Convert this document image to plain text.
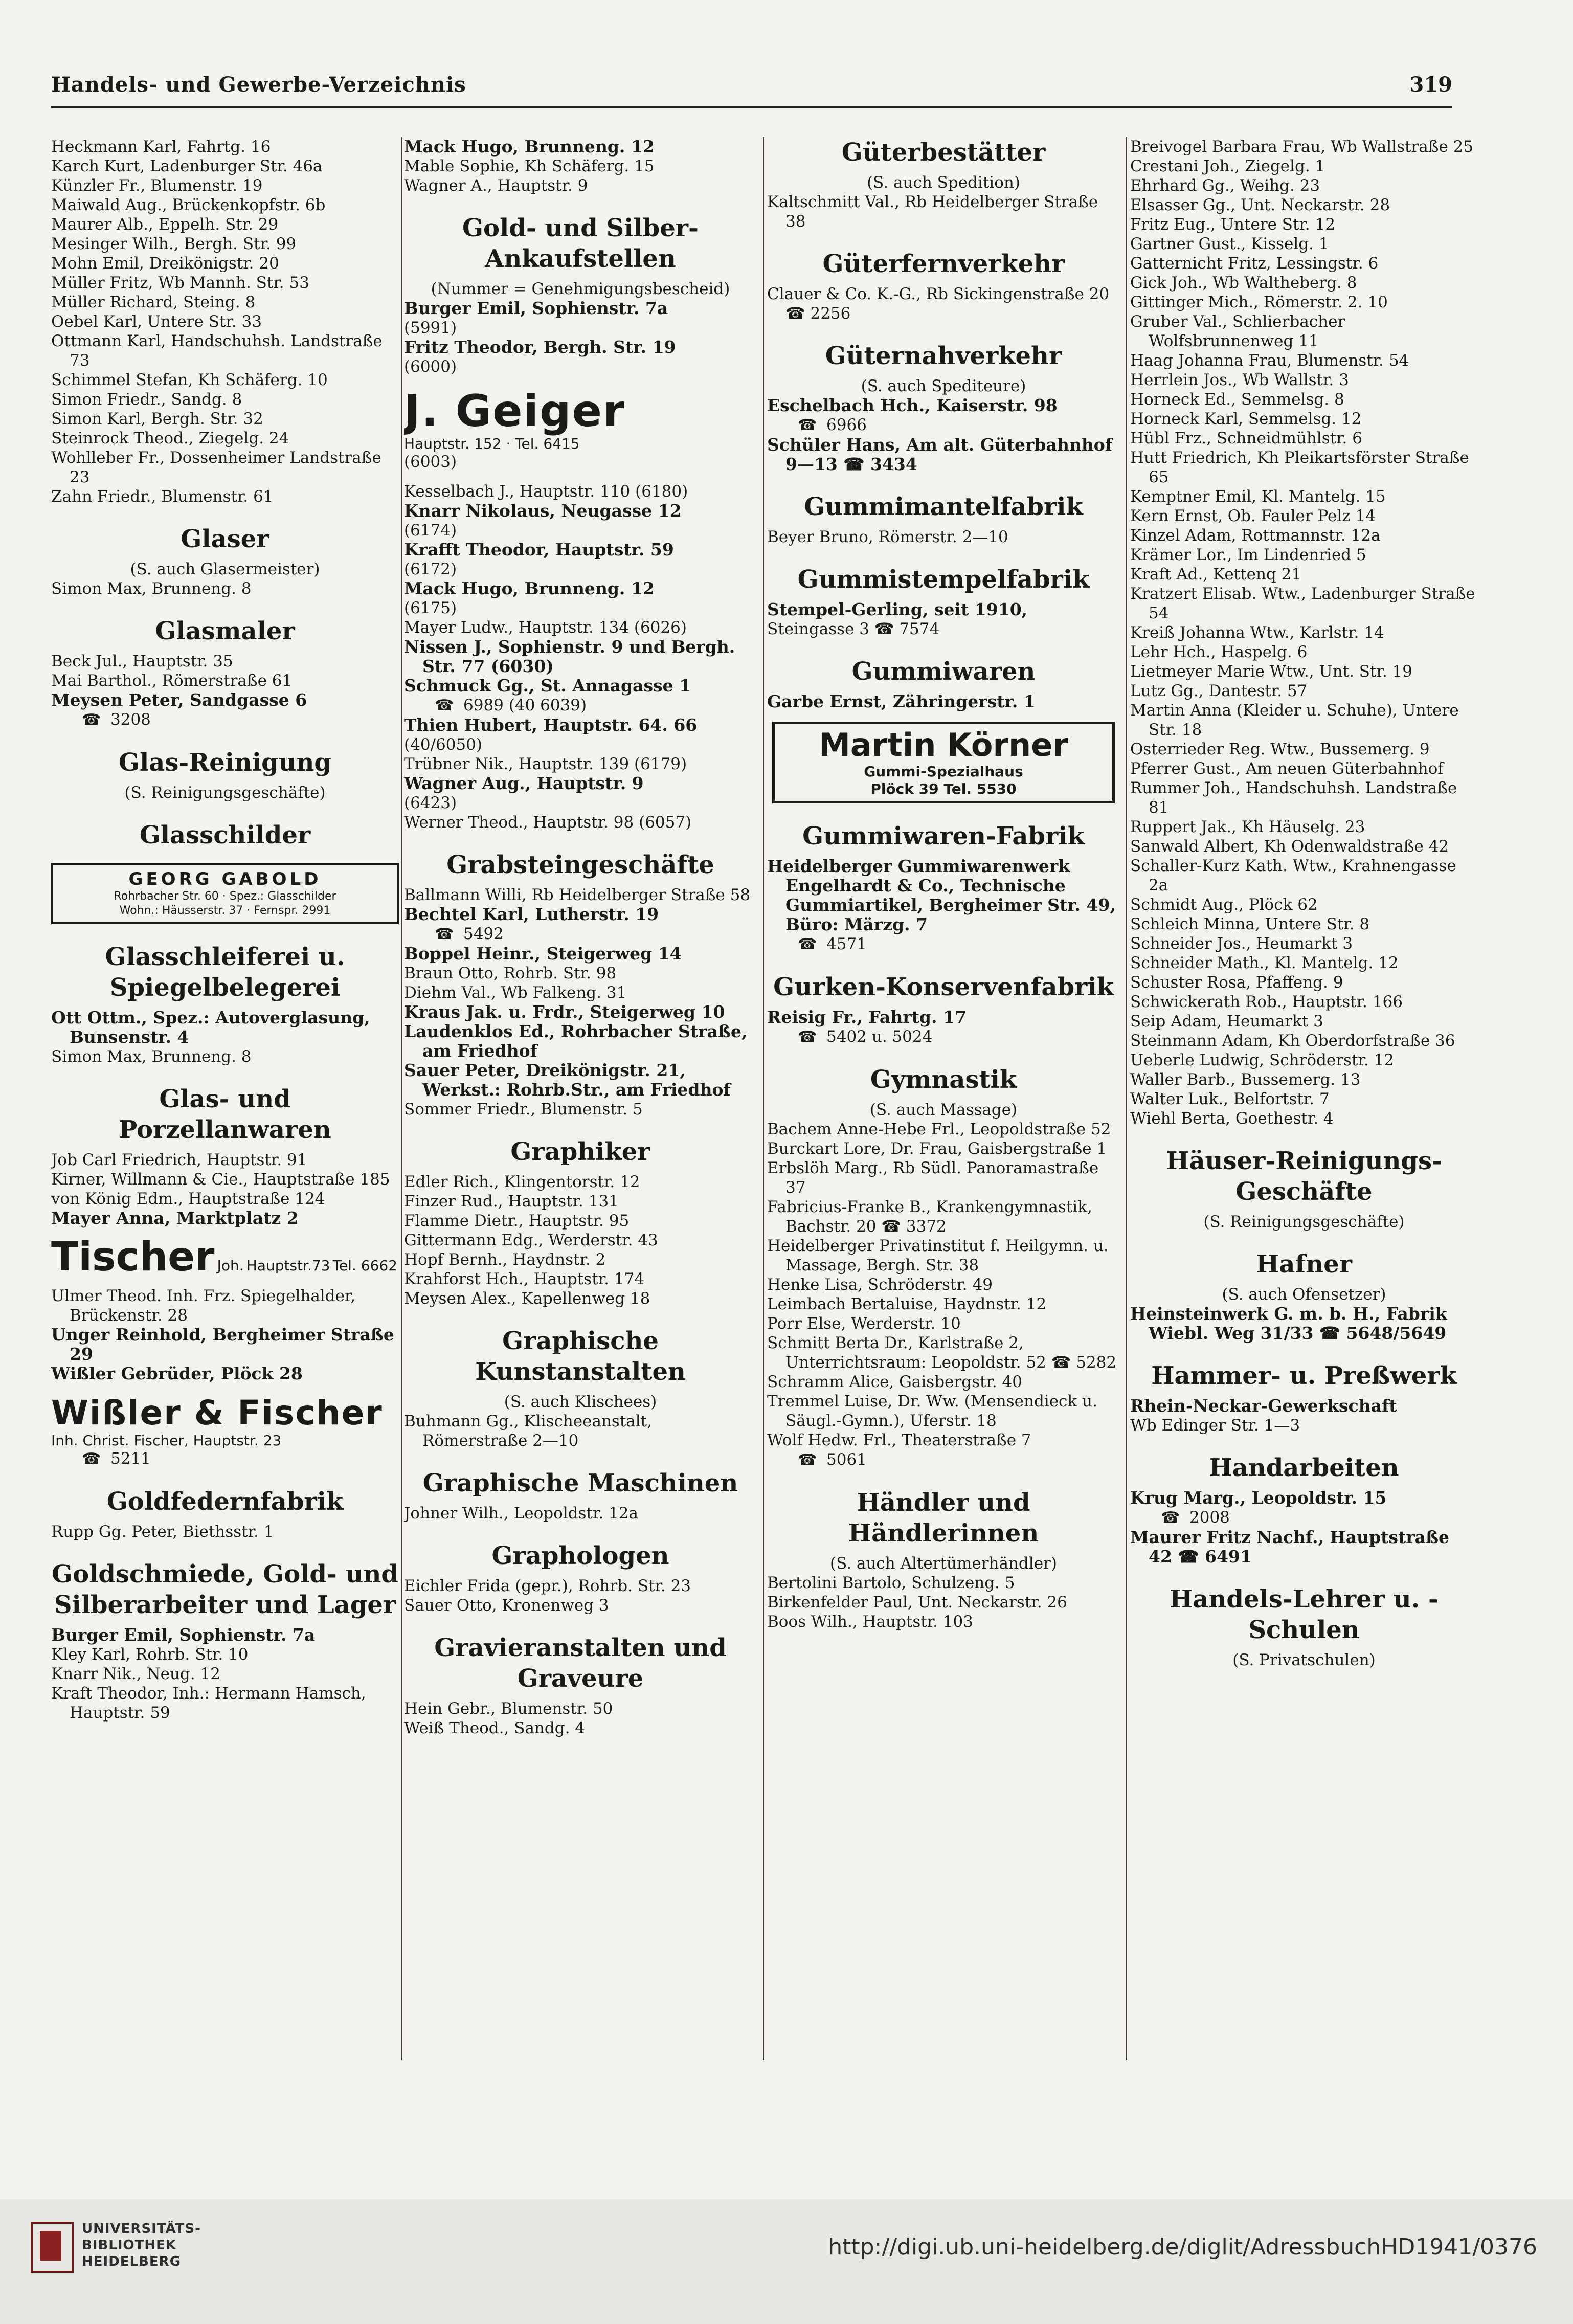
Handels- und Gewerbe-Verzeichnis	319

Heckmann Karl, Fahrtg. 16

Karch Kurt, Ladenburger Str. 46a

Künzler Fr., Blumenstr. 19

Maiwald Aug., Brückenkopfstr. 6b

Maurer Alb., Eppelh. Str. 29

Mesinger Wilh., Bergh. Str. 99

Mohn Emil, Dreikönigstr. 20

Müller Fritz, Wb Mannh. Str. 53

Müller Richard, Steing. 8

Oebel Karl, Untere Str. 33

Ottmann Karl, Handschuhsh. Landstraße 73

Schimmel Stefan, Kh Schäferg. 10

Simon Friedr., Sandg. 8

Simon Karl, Bergh. Str. 32

Steinrock Theod., Ziegelg. 24

Wohlleber Fr., Dossenheimer Landstraße 23

Zahn Friedr., Blumenstr. 61

Glaser

(S. auch Glasermeister)

Simon Max, Brunneng. 8

Glasmaler

Beck Jul., Hauptstr. 35

Mai Barthol., Römerstraße 61

Meysen Peter, Sandgasse 6

☎ 3208

Glas-Reinigung

(S. Reinigungsgeschäfte)

Glasschilder
GEORG GABOLD
Rohrbacher Str. 60 · Spez.: Glasschilder
Wohn.: Häusserstr. 37 · Fernspr. 2991
Glasschleiferei u. Spiegelbelegerei

Ott Ottm., Spez.: Autoverglasung, Bunsenstr. 4

Simon Max, Brunneng. 8

Glas- und Porzellanwaren

Job Carl Friedrich, Hauptstr. 91

Kirner, Willmann & Cie., Hauptstraße 185

von König Edm., Hauptstraße 124

Mayer Anna, Marktplatz 2

Tischer Joh. Hauptstr.73 Tel. 6662

Ulmer Theod. Inh. Frz. Spiegelhalder, Brückenstr. 28

Unger Reinhold, Bergheimer Straße 29

Wißler Gebrüder, Plöck 28

Wißler & Fischer
Inh. Christ. Fischer, Hauptstr. 23

☎ 5211

Goldfedernfabrik

Rupp Gg. Peter, Biethsstr. 1

Goldschmiede, Gold- und Silberarbeiter und Lager

Burger Emil, Sophienstr. 7a

Kley Karl, Rohrb. Str. 10

Knarr Nik., Neug. 12

Kraft Theodor, Inh.: Hermann Hamsch, Hauptstr. 59

Mack Hugo, Brunneng. 12

Mable Sophie, Kh Schäferg. 15

Wagner A., Hauptstr. 9

Gold- und Silber-Ankaufstellen

(Nummer = Genehmigungsbescheid)

Burger Emil, Sophienstr. 7a

(5991)

Fritz Theodor, Bergh. Str. 19

(6000)

J. Geiger
Hauptstr. 152 · Tel. 6415

(6003)

Kesselbach J., Hauptstr. 110 (6180)

Knarr Nikolaus, Neugasse 12

(6174)

Krafft Theodor, Hauptstr. 59

(6172)

Mack Hugo, Brunneng. 12

(6175)

Mayer Ludw., Hauptstr. 134 (6026)

Nissen J., Sophienstr. 9 und Bergh. Str. 77 (6030)

Schmuck Gg., St. Annagasse 1

☎ 6989 (40 6039)

Thien Hubert, Hauptstr. 64. 66

(40/6050)

Trübner Nik., Hauptstr. 139 (6179)

Wagner Aug., Hauptstr. 9

(6423)

Werner Theod., Hauptstr. 98 (6057)

Grabsteingeschäfte

Ballmann Willi, Rb Heidelberger Straße 58

Bechtel Karl, Lutherstr. 19

☎ 5492

Boppel Heinr., Steigerweg 14

Braun Otto, Rohrb. Str. 98

Diehm Val., Wb Falkeng. 31

Kraus Jak. u. Frdr., Steigerweg 10

Laudenklos Ed., Rohrbacher Straße, am Friedhof

Sauer Peter, Dreikönigstr. 21, Werkst.: Rohrb.Str., am Friedhof

Sommer Friedr., Blumenstr. 5

Graphiker

Edler Rich., Klingentorstr. 12

Finzer Rud., Hauptstr. 131

Flamme Dietr., Hauptstr. 95

Gittermann Edg., Werderstr. 43

Hopf Bernh., Haydnstr. 2

Krahforst Hch., Hauptstr. 174

Meysen Alex., Kapellenweg 18

Graphische Kunstanstalten

(S. auch Klischees)

Buhmann Gg., Klischeeanstalt, Römerstraße 2—10

Graphische Maschinen

Johner Wilh., Leopoldstr. 12a

Graphologen

Eichler Frida (gepr.), Rohrb. Str. 23

Sauer Otto, Kronenweg 3

Gravieranstalten und Graveure

Hein Gebr., Blumenstr. 50

Weiß Theod., Sandg. 4

Güterbestätter

(S. auch Spedition)

Kaltschmitt Val., Rb Heidelberger Straße 38

Güterfernverkehr

Clauer & Co. K.-G., Rb Sickingenstraße 20 ☎ 2256

Güternahverkehr

(S. auch Spediteure)

Eschelbach Hch., Kaiserstr. 98

☎ 6966

Schüler Hans, Am alt. Güterbahnhof 9—13 ☎ 3434

Gummimantelfabrik

Beyer Bruno, Römerstr. 2—10

Gummistempelfabrik

Stempel-Gerling, seit 1910,

Steingasse 3 ☎ 7574

Gummiwaren

Garbe Ernst, Zähringerstr. 1

Martin Körner
Gummi-Spezialhaus
Plöck 39 Tel. 5530
Gummiwaren-Fabrik

Heidelberger Gummiwarenwerk Engelhardt & Co., Technische Gummiartikel, Bergheimer Str. 49, Büro: Märzg. 7

☎ 4571

Gurken-Konservenfabrik

Reisig Fr., Fahrtg. 17

☎ 5402 u. 5024

Gymnastik

(S. auch Massage)

Bachem Anne-Hebe Frl., Leopoldstraße 52

Burckart Lore, Dr. Frau, Gaisbergstraße 1

Erbslöh Marg., Rb Südl. Panoramastraße 37

Fabricius-Franke B., Krankengymnastik, Bachstr. 20 ☎ 3372

Heidelberger Privatinstitut f. Heilgymn. u. Massage, Bergh. Str. 38

Henke Lisa, Schröderstr. 49

Leimbach Bertaluise, Haydnstr. 12

Porr Else, Werderstr. 10

Schmitt Berta Dr., Karlstraße 2, Unterrichtsraum: Leopoldstr. 52 ☎ 5282

Schramm Alice, Gaisbergstr. 40

Tremmel Luise, Dr. Ww. (Mensendieck u. Säugl.-Gymn.), Uferstr. 18

Wolf Hedw. Frl., Theaterstraße 7

☎ 5061

Händler und Händlerinnen

(S. auch Altertümerhändler)

Bertolini Bartolo, Schulzeng. 5

Birkenfelder Paul, Unt. Neckarstr. 26

Boos Wilh., Hauptstr. 103

Breivogel Barbara Frau, Wb Wallstraße 25

Crestani Joh., Ziegelg. 1

Ehrhard Gg., Weihg. 23

Elsasser Gg., Unt. Neckarstr. 28

Fritz Eug., Untere Str. 12

Gartner Gust., Kisselg. 1

Gatternicht Fritz, Lessingstr. 6

Gick Joh., Wb Waltheberg. 8

Gittinger Mich., Römerstr. 2. 10

Gruber Val., Schlierbacher Wolfsbrunnenweg 11

Haag Johanna Frau, Blumenstr. 54

Herrlein Jos., Wb Wallstr. 3

Horneck Ed., Semmelsg. 8

Horneck Karl, Semmelsg. 12

Hübl Frz., Schneidmühlstr. 6

Hutt Friedrich, Kh Pleikartsförster Straße 65

Kemptner Emil, Kl. Mantelg. 15

Kern Ernst, Ob. Fauler Pelz 14

Kinzel Adam, Rottmannstr. 12a

Krämer Lor., Im Lindenried 5

Kraft Ad., Kettenq 21

Kratzert Elisab. Wtw., Ladenburger Straße 54

Kreiß Johanna Wtw., Karlstr. 14

Lehr Hch., Haspelg. 6

Lietmeyer Marie Wtw., Unt. Str. 19

Lutz Gg., Dantestr. 57

Martin Anna (Kleider u. Schuhe), Untere Str. 18

Osterrieder Reg. Wtw., Bussemerg. 9

Pferrer Gust., Am neuen Güterbahnhof

Rummer Joh., Handschuhsh. Landstraße 81

Ruppert Jak., Kh Häuselg. 23

Sanwald Albert, Kh Odenwaldstraße 42

Schaller-Kurz Kath. Wtw., Krahnengasse 2a

Schmidt Aug., Plöck 62

Schleich Minna, Untere Str. 8

Schneider Jos., Heumarkt 3

Schneider Math., Kl. Mantelg. 12

Schuster Rosa, Pfaffeng. 9

Schwickerath Rob., Hauptstr. 166

Seip Adam, Heumarkt 3

Steinmann Adam, Kh Oberdorfstraße 36

Ueberle Ludwig, Schröderstr. 12

Waller Barb., Bussemerg. 13

Walter Luk., Belfortstr. 7

Wiehl Berta, Goethestr. 4

Häuser-Reinigungs-Geschäfte

(S. Reinigungsgeschäfte)

Hafner

(S. auch Ofensetzer)

Heinsteinwerk G. m. b. H., Fabrik Wiebl. Weg 31/33 ☎ 5648/5649

Hammer- u. Preßwerk

Rhein-Neckar-Gewerkschaft

Wb Edinger Str. 1—3

Handarbeiten

Krug Marg., Leopoldstr. 15

☎ 2008

Maurer Fritz Nachf., Hauptstraße 42 ☎ 6491

Handels-Lehrer u. -Schulen

(S. Privatschulen)

UNIVERSITÄTS-
BIBLIOTHEK
HEIDELBERG
http://digi.ub.uni-heidelberg.de/diglit/AdressbuchHD1941/0376
